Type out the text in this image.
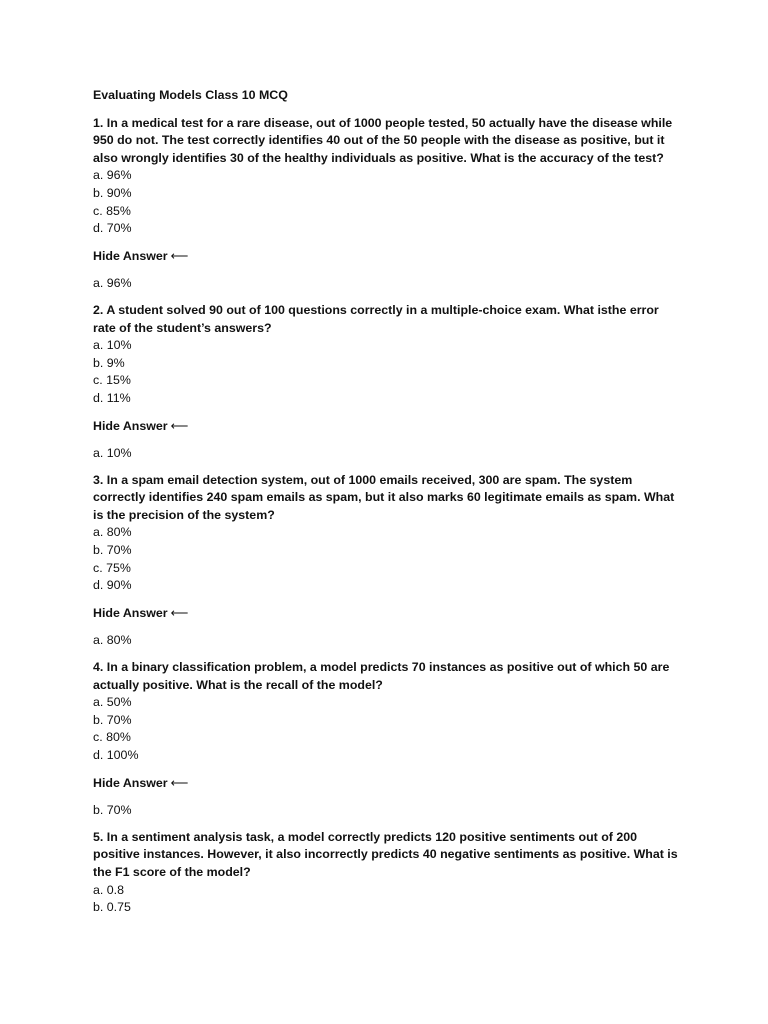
Evaluating Models Class 10 MCQ

1. In a medical test for a rare disease, out of 1000 people tested, 50 actually have the disease while 950 do not. The test correctly identifies 40 out of the 50 people with the disease as positive, but it also wrongly identifies 30 of the healthy individuals as positive. What is the accuracy of the test?

a. 96%

b. 90%

c. 85%

d. 70%

Hide Answer ⟵

a. 96%

2. A student solved 90 out of 100 questions correctly in a multiple-choice exam. What isthe error rate of the student’s answers?

a. 10%

b. 9%

c. 15%

d. 11%

Hide Answer ⟵

a. 10%

3. In a spam email detection system, out of 1000 emails received, 300 are spam. The system correctly identifies 240 spam emails as spam, but it also marks 60 legitimate emails as spam. What is the precision of the system?

a. 80%

b. 70%

c. 75%

d. 90%

Hide Answer ⟵

a. 80%

4. In a binary classification problem, a model predicts 70 instances as positive out of which 50 are actually positive. What is the recall of the model?

a. 50%

b. 70%

c. 80%

d. 100%

Hide Answer ⟵

b. 70%

5. In a sentiment analysis task, a model correctly predicts 120 positive sentiments out of 200 positive instances. However, it also incorrectly predicts 40 negative sentiments as positive. What is the F1 score of the model?

a. 0.8

b. 0.75
